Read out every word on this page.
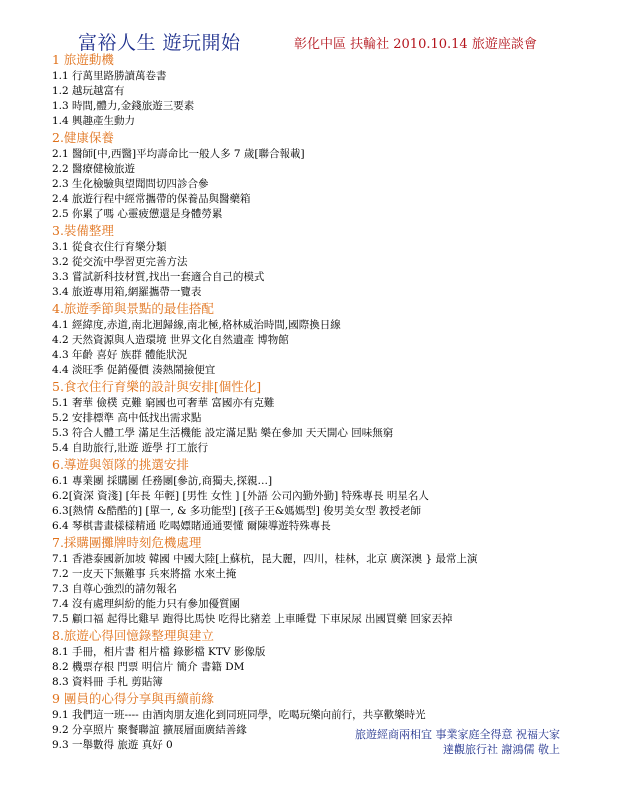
富裕人生 遊玩開始	彰化中區 扶輪社 2010.10.14 旅遊座談會
1 旅遊動機
1.1 行萬里路勝讀萬卷書
1.2 越玩越富有
1.3 時間,體力,金錢旅遊三要素
1.4 興趣產生動力
2.健康保養
2.1 醫師[中,西醫]平均壽命比一般人多 7 歲[聯合報載]
2.2 醫療健檢旅遊
2.3 生化檢驗與望聞問切四診合參
2.4 旅遊行程中經常攜帶的保養品與醫藥箱
2.5 你累了嗎 心靈疲憊還是身體勞累
3.裝備整理
3.1 從食衣住行育樂分類
3.2 從交流中學習更完善方法
3.3 嘗試新科技材質,找出一套適合自己的模式
3.4 旅遊專用箱,網羅攜帶一覽表
4.旅遊季節與景點的最佳搭配
4.1 經緯度,赤道,南北迴歸線,南北極,格林威治時間,國際換日線
4.2 天然資源與人造環境 世界文化自然遺產 博物館
4.3 年齡 喜好 族群 體能狀況
4.4 淡旺季 促銷優價 湊熱鬧撿便宜
5.食衣住行育樂的設計與安排[個性化]
5.1 奢華 儉樸 克難 窮國也可奢華 富國亦有克難
5.2 安排標準 高中低找出需求點
5.3 符合人體工學 滿足生活機能 設定滿足點 樂在參加 天天開心 回味無窮
5.4 自助旅行,壯遊 遊學 打工旅行
6.導遊與領隊的挑選安排
6.1 專業團 採購團 任務團[參訪,商獨夫,探親…]
6.2[資深 資淺] [年長 年輕] [男性 女性 ] [外語 公司內勤外勤] 特殊專長 明星名人
6.3[熱情 &酷酷的] [單一, & 多功能型] [孩子王&媽媽型] 俊男美女型 教授老師
6.4 琴棋書畫樣樣精通 吃喝嫖賭通通要懂 爾陳導遊特殊專長
7.採購團攤牌時刻危機處理
7.1 香港泰國新加坡 韓國 中國大陸[上蘇杭，昆大麗，四川，桂林，北京 廣深澳 } 最常上演
7.2 一皮天下無難事 兵來將擋 水來土掩
7.3 自尊心強烈的請勿報名
7.4 沒有處理糾紛的能力只有參加優質團
7.5 顧口福 起得比雞早 跑得比馬快 吃得比豬差 上車睡覺 下車尿尿 出國買藥 回家丟掉
8.旅遊心得回憶錄整理與建立
8.1 手冊，相片書 相片檔 錄影檔 KTV 影像版
8.2 機票存根 門票 明信片 簡介 書籍 DM
8.3 資料冊 手札 剪貼簿
9 團員的心得分享與再續前緣
9.1 我們這一班---- 由酒肉朋友進化到同班同學，吃喝玩樂向前行，共享歡樂時光
9.2 分享照片 聚餐聯誼 擴展層面廣結善緣
9.3 一舉數得 旅遊 真好 0
旅遊經商兩相宜 事業家庭全得意 祝福大家
達觀旅行社 謝鴻儒 敬上
